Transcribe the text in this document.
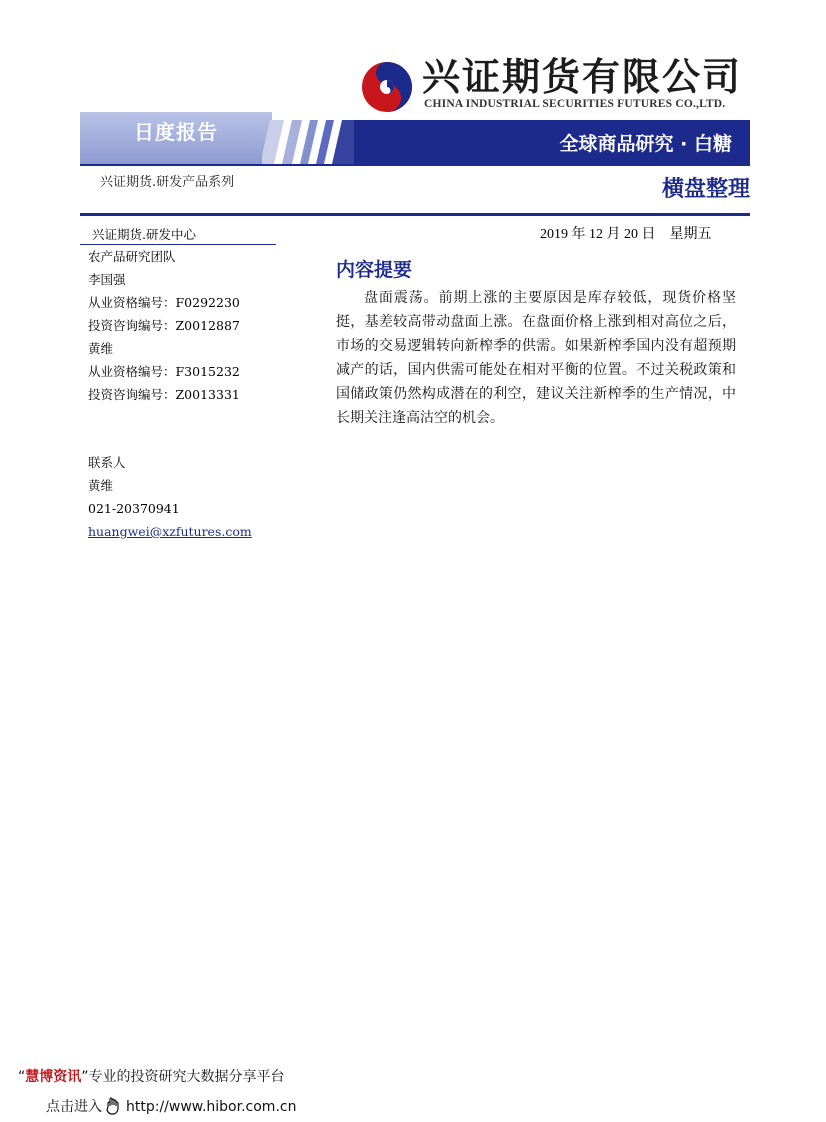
兴证期货有限公司
CHINA INDUSTRIAL SECURITIES FUTURES CO.,LTD.
日度报告	全球商品研究 · 白糖
兴证期货.研发产品系列	横盘整理
兴证期货.研发中心
农产品研究团队
李国强
从业资格编号：F0292230
投资咨询编号：Z0012887
黄维
从业资格编号：F3015232
投资咨询编号：Z0013331
联系人
黄维
021-20370941
huangwei@xzfutures.com
2019 年 12 月 20 日　星期五
内容提要

盘面震荡。前期上涨的主要原因是库存较低，现货价格坚挺，基差较高带动盘面上涨。在盘面价格上涨到相对高位之后，市场的交易逻辑转向新榨季的供需。如果新榨季国内没有超预期减产的话，国内供需可能处在相对平衡的位置。不过关税政策和国储政策仍然构成潜在的利空，建议关注新榨季的生产情况，中长期关注逢高沽空的机会。

“慧博资讯”专业的投资研究大数据分享平台
点击进入 http://www.hibor.com.cn
